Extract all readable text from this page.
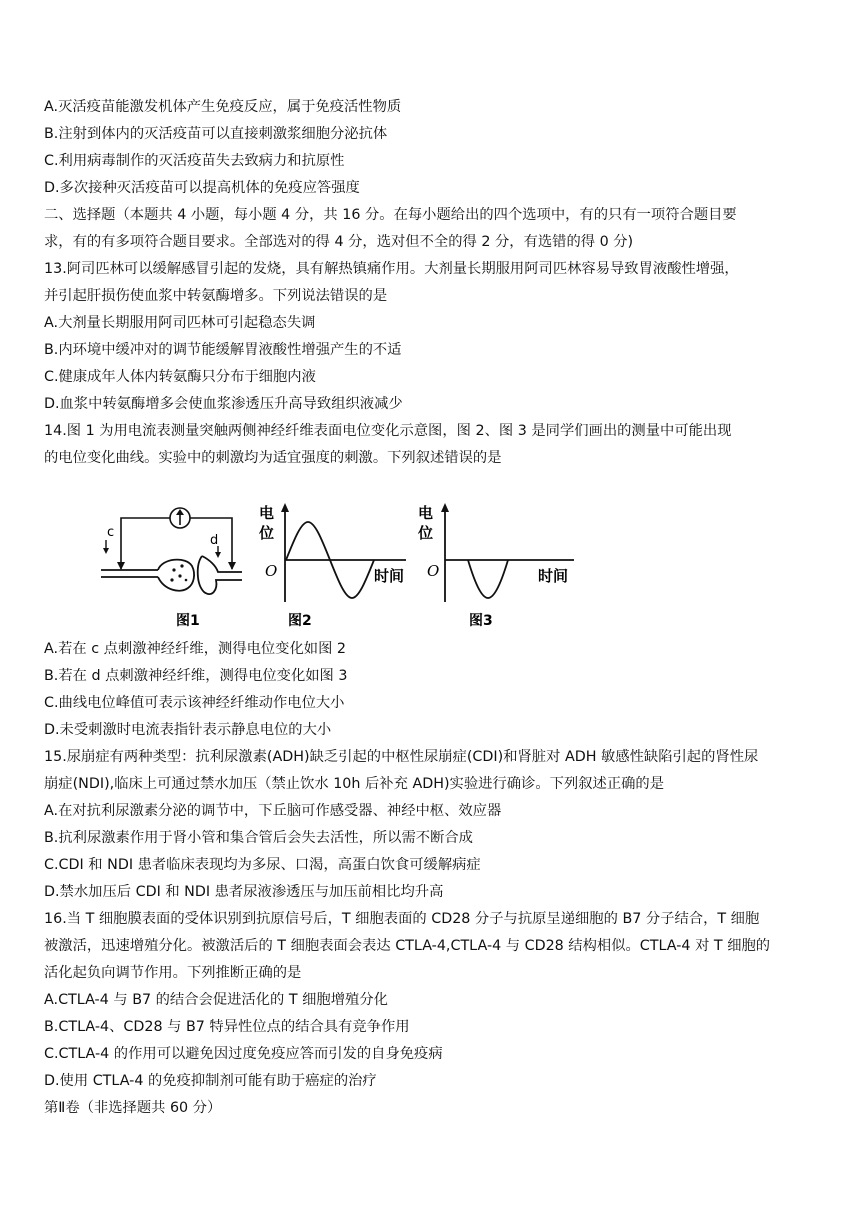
A.灭活疫苗能激发机体产生免疫反应，属于免疫活性物质
B.注射到体内的灭活疫苗可以直接刺激浆细胞分泌抗体
C.利用病毒制作的灭活疫苗失去致病力和抗原性
D.多次接种灭活疫苗可以提高机体的免疫应答强度
二、选择题（本题共 4 小题，每小题 4 分，共 16 分。在每小题给出的四个选项中，有的只有一项符合题目要
求，有的有多项符合题目要求。全部选对的得 4 分，选对但不全的得 2 分，有选错的得 0 分)
13.阿司匹林可以缓解感冒引起的发烧，具有解热镇痛作用。大剂量长期服用阿司匹林容易导致胃液酸性增强，
并引起肝损伤使血浆中转氨酶增多。下列说法错误的是
A.大剂量长期服用阿司匹林可引起稳态失调
B.内环境中缓冲对的调节能缓解胃液酸性增强产生的不适
C.健康成年人体内转氨酶只分布于细胞内液
D.血浆中转氨酶增多会使血浆渗透压升高导致组织液减少
14.图 1 为用电流表测量突触两侧神经纤维表面电位变化示意图，图 2、图 3 是同学们画出的测量中可能出现
的电位变化曲线。实验中的刺激均为适宜强度的刺激。下列叙述错误的是
c
d
图1
电
位
O	时间
图2
电
位
O	时间
图3
A.若在 c 点刺激神经纤维，测得电位变化如图 2
B.若在 d 点刺激神经纤维，测得电位变化如图 3
C.曲线电位峰值可表示该神经纤维动作电位大小
D.未受刺激时电流表指针表示静息电位的大小
15.尿崩症有两种类型：抗利尿激素(ADH)缺乏引起的中枢性尿崩症(CDI)和肾脏对 ADH 敏感性缺陷引起的肾性尿
崩症(NDI),临床上可通过禁水加压（禁止饮水 10h 后补充 ADH)实验进行确诊。下列叙述正确的是
A.在对抗利尿激素分泌的调节中，下丘脑可作感受器、神经中枢、效应器
B.抗利尿激素作用于肾小管和集合管后会失去活性，所以需不断合成
C.CDI 和 NDI 患者临床表现均为多尿、口渴，高蛋白饮食可缓解病症
D.禁水加压后 CDI 和 NDI 患者尿液渗透压与加压前相比均升高
16.当 T 细胞膜表面的受体识别到抗原信号后，T 细胞表面的 CD28 分子与抗原呈递细胞的 B7 分子结合，T 细胞
被激活，迅速增殖分化。被激活后的 T 细胞表面会表达 CTLA-4,CTLA-4 与 CD28 结构相似。CTLA-4 对 T 细胞的
活化起负向调节作用。下列推断正确的是
A.CTLA-4 与 B7 的结合会促进活化的 T 细胞增殖分化
B.CTLA-4、CD28 与 B7 特异性位点的结合具有竞争作用
C.CTLA-4 的作用可以避免因过度免疫应答而引发的自身免疫病
D.使用 CTLA-4 的免疫抑制剂可能有助于癌症的治疗
第Ⅱ卷（非选择题共 60 分）
